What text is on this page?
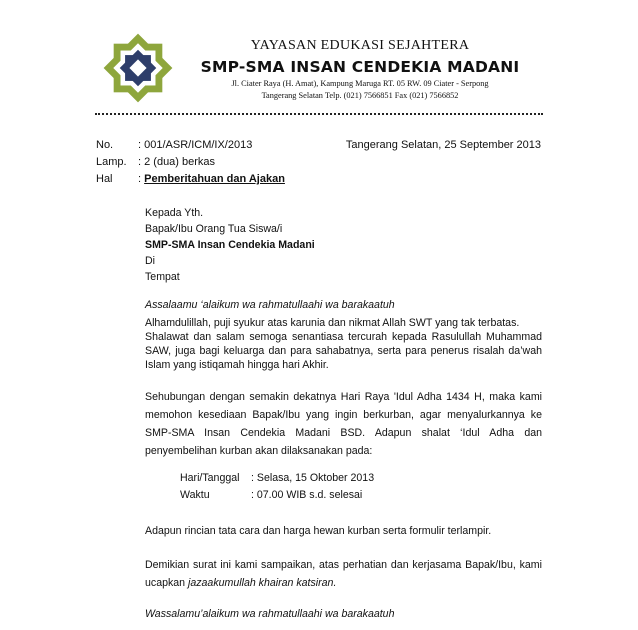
YAYASAN EDUKASI SEJAHTERA
SMP-SMA INSAN CENDEKIA MADANI
Jl. Ciater Raya (H. Amat), Kampung Maruga RT. 05 RW. 09 Ciater - Serpong
Tangerang Selatan Telp. (021) 7566851 Fax (021) 7566852
No. : 001/ASR/ICM/IX/2013	Tangerang Selatan, 25 September 2013
Lamp. : 2 (dua) berkas
Hal : Pemberitahuan dan Ajakan
Kepada Yth.
Bapak/Ibu Orang Tua Siswa/i
SMP-SMA Insan Cendekia Madani
Di
Tempat
Assalaamu ‘alaikum wa rahmatullaahi wa barakaatuh
Alhamdulillah, puji syukur atas karunia dan nikmat Allah SWT yang tak terbatas.
Shalawat dan salam semoga senantiasa tercurah kepada Rasulullah Muhammad
SAW, juga bagi keluarga dan para sahabatnya, serta para penerus risalah da’wah
Islam yang istiqamah hingga hari Akhir.
Sehubungan dengan semakin dekatnya Hari Raya 'Idul Adha 1434 H, maka kami
memohon kesediaan Bapak/Ibu yang ingin berkurban, agar menyalurkannya ke
SMP-SMA Insan Cendekia Madani BSD. Adapun shalat ‘Idul Adha dan
penyembelihan kurban akan dilaksanakan pada:
Hari/Tanggal : Selasa, 15 Oktober 2013
Waktu	: 07.00 WIB s.d. selesai
Adapun rincian tata cara dan harga hewan kurban serta formulir terlampir.
Demikian surat ini kami sampaikan, atas perhatian dan kerjasama Bapak/Ibu, kami
ucapkan jazaakumullah khairan katsiran.
Wassalamu’alaikum wa rahmatullaahi wa barakaatuh
